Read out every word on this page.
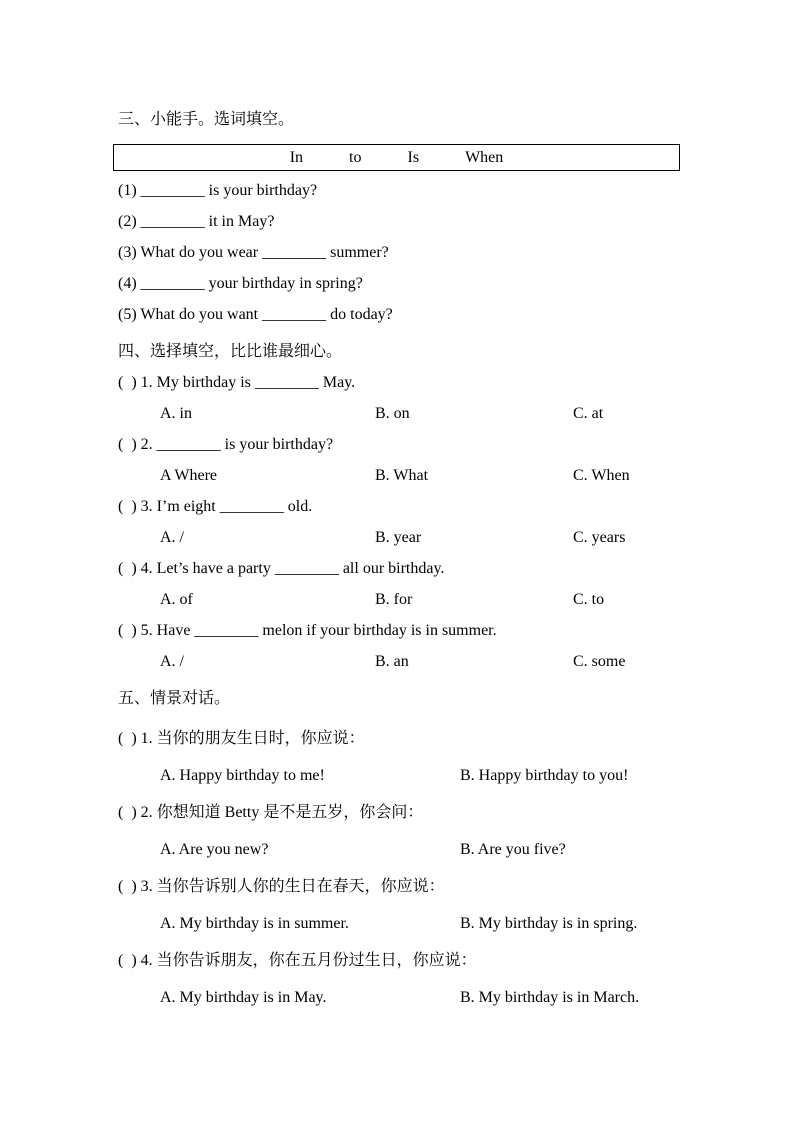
三、小能手。选词填空。
In	to	Is	When
(1) ________ is your birthday?
(2) ________ it in May?
(3) What do you wear ________ summer?
(4) ________ your birthday in spring?
(5) What do you want ________ do today?
四、选择填空，比比谁最细心。
(  ) 1. My birthday is ________ May.
A. in	B. on	C. at
(  ) 2. ________ is your birthday?
A Where	B. What	C. When
(  ) 3. I’m eight ________ old.
A. /	B. year	C. years
(  ) 4. Let’s have a party ________ all our birthday.
A. of	B. for	C. to
(  ) 5. Have ________ melon if your birthday is in summer.
A. /	B. an	C. some
五、情景对话。
(  ) 1. 当你的朋友生日时，你应说：
A. Happy birthday to me!	B. Happy birthday to you!
(  ) 2. 你想知道 Betty 是不是五岁，你会问：
A. Are you new?	B. Are you five?
(  ) 3. 当你告诉别人你的生日在春天，你应说：
A. My birthday is in summer.	B. My birthday is in spring.
(  ) 4. 当你告诉朋友，你在五月份过生日，你应说：
A. My birthday is in May.	B. My birthday is in March.
